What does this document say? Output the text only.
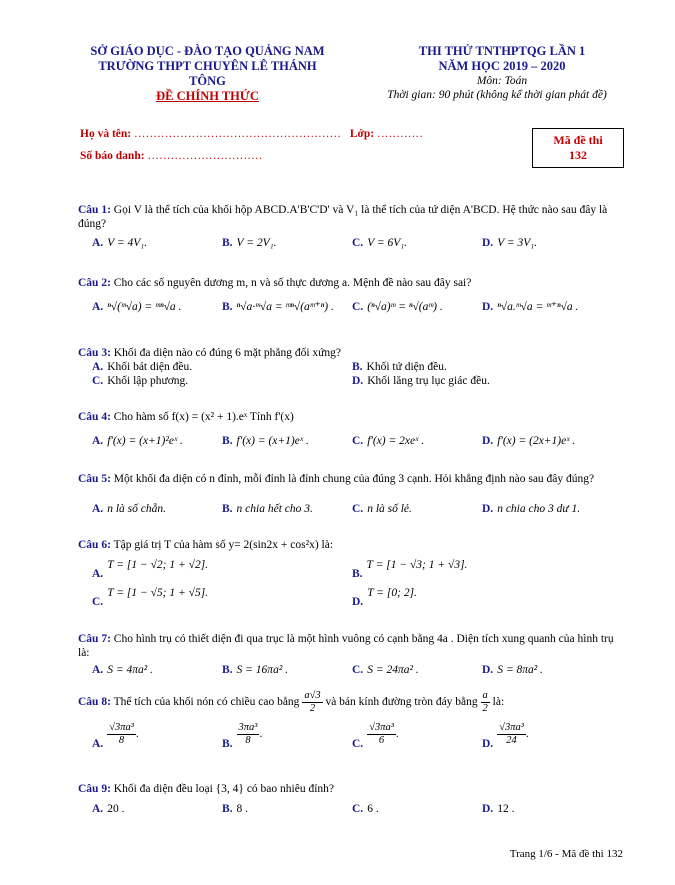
SỞ GIÁO DỤC - ĐÀO TẠO QUẢNG NAM
TRƯỜNG THPT CHUYÊN LÊ THÁNH TÔNG
ĐỀ CHÍNH THỨC
THI THỬ TNTHPTQG LẦN 1
NĂM HỌC 2019 – 2020
Môn: Toán
Thời gian: 90 phút (không kể thời gian phát đề)
Họ và tên: ……………………………………………… Lớp: …………
Số báo danh: …………………………
Mã đề thi
132
Câu 1: Gọi V là thể tích của khối hộp ABCD.A'B'C'D' và V₁ là thể tích của tứ diện A'BCD. Hệ thức nào sau đây là đúng?
A. V = 4V₁.	B. V = 2V₁.	C. V = 6V₁.	D. V = 3V₁.
Câu 2: Cho các số nguyên dương m, n và số thực dương a. Mệnh đề nào sau đây sai?
A. ⁿ√(ᵐ√a) = ᵐⁿ√a .	B. ⁿ√a·ᵐ√a = ᵐⁿ√(aᵐ⁺ⁿ) . C. (ⁿ√a)ᵐ = ⁿ√(aᵐ) .	D. ⁿ√a.ᵐ√a = ᵐ⁺ⁿ√a .
Câu 3: Khối đa diện nào có đúng 6 mặt phẳng đối xứng?
A. Khối bát diện đều.	B. Khối tứ diện đều.
C. Khối lập phương.	D. Khối lăng trụ lục giác đều.
Câu 4: Cho hàm số f(x) = (x² + 1).eˣ Tính f'(x)
A. f'(x) = (x+1)²eˣ .	B. f'(x) = (x+1)eˣ .	C. f'(x) = 2xeˣ .	D. f'(x) = (2x+1)eˣ .
Câu 5: Một khối đa diện có n đỉnh, mỗi đỉnh là đỉnh chung của đúng 3 cạnh. Hỏi khẳng định nào sau đây đúng?
A. n là số chẵn.	B. n chia hết cho 3.	C. n là số lẻ.	D. n chia cho 3 dư 1.
Câu 6: Tập giá trị T của hàm số y= 2(sin2x + cos²x) là:
A.T = [1 − √2; 1 + √2].
B.T = [1 − √3; 1 + √3].
C.T = [1 − √5; 1 + √5].
D.T = [0; 2].
Câu 7: Cho hình trụ có thiết diện đi qua trục là một hình vuông có cạnh bằng 4a . Diện tích xung quanh của hình trụ là:
A. S = 4πa² .	B. S = 16πa² .	C. S = 24πa² .	D. S = 8πa² .
Câu 8: Thể tích của khối nón có chiều cao bằng $\frac{a√3}{2}$ và bán kính đường tròn đáy bằng $\frac{a}{2}$ là:
A. $\frac{\text{√3πa³}}{8}$ .
B. $\frac{\text{3πa³}}{8}$ .
C. $\frac{\text{√3πa³}}{6}$ .
D. $\frac{\text{√3πa³}}{24}$ .
Câu 9: Khối đa diện đều loại {3, 4} có bao nhiêu đỉnh?
A. 20 .	B. 8 .	C. 6 .	D. 12 .
Trang 1/6 - Mã đề thi 132
